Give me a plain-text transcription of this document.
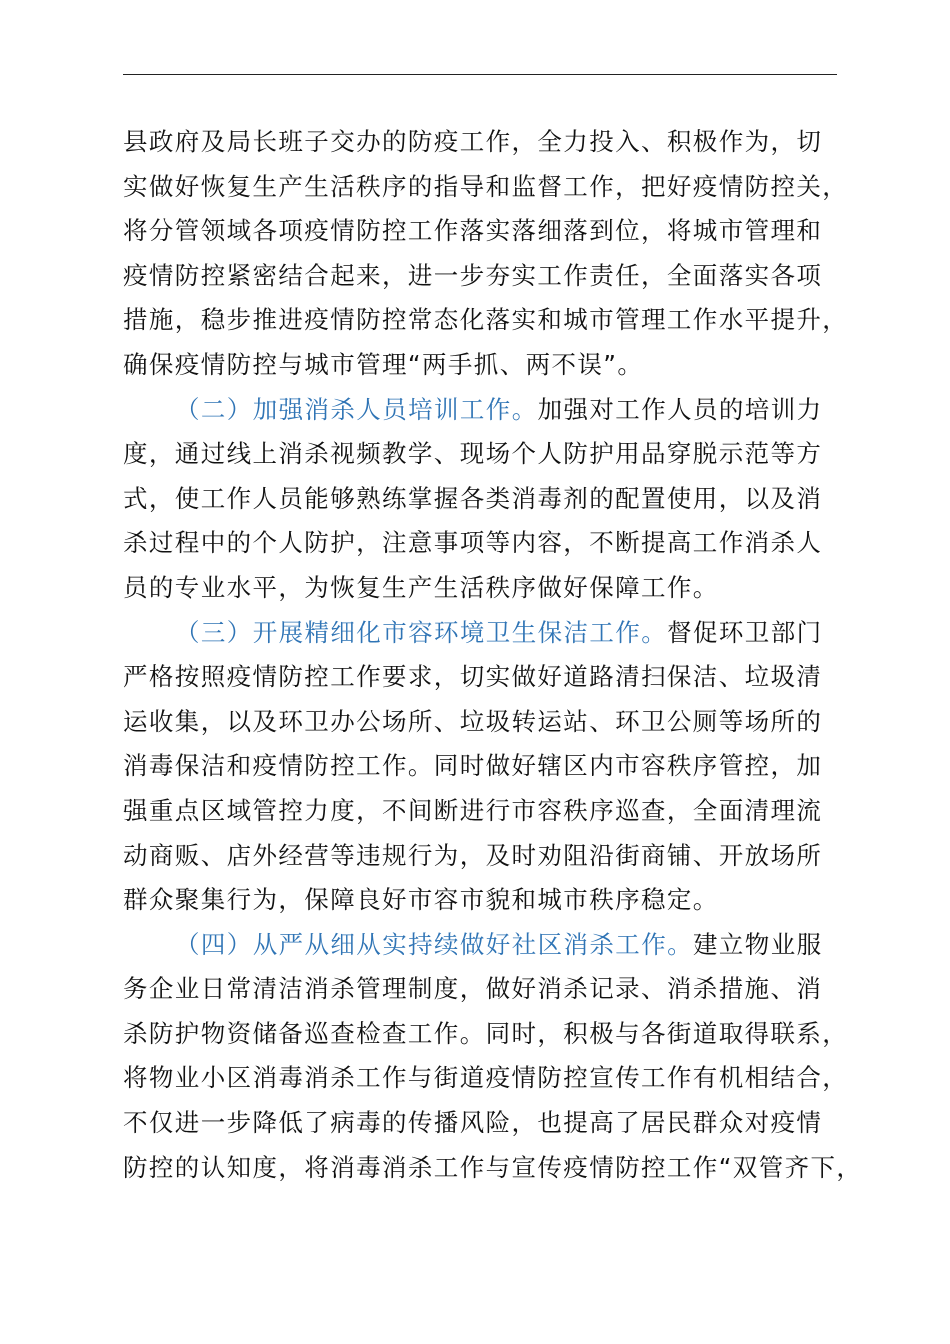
县政府及局长班子交办的防疫工作，全力投入、积极作为，切
实做好恢复生产生活秩序的指导和监督工作，把好疫情防控关，
将分管领域各项疫情防控工作落实落细落到位，将城市管理和
疫情防控紧密结合起来，进一步夯实工作责任，全面落实各项
措施，稳步推进疫情防控常态化落实和城市管理工作水平提升，
确保疫情防控与城市管理“两手抓、两不误”。
（二）加强消杀人员培训工作。加强对工作人员的培训力
度，通过线上消杀视频教学、现场个人防护用品穿脱示范等方
式，使工作人员能够熟练掌握各类消毒剂的配置使用，以及消
杀过程中的个人防护，注意事项等内容，不断提高工作消杀人
员的专业水平，为恢复生产生活秩序做好保障工作。
（三）开展精细化市容环境卫生保洁工作。督促环卫部门
严格按照疫情防控工作要求，切实做好道路清扫保洁、垃圾清
运收集，以及环卫办公场所、垃圾转运站、环卫公厕等场所的
消毒保洁和疫情防控工作。同时做好辖区内市容秩序管控，加
强重点区域管控力度，不间断进行市容秩序巡查，全面清理流
动商贩、店外经营等违规行为，及时劝阻沿街商铺、开放场所
群众聚集行为，保障良好市容市貌和城市秩序稳定。
（四）从严从细从实持续做好社区消杀工作。建立物业服
务企业日常清洁消杀管理制度，做好消杀记录、消杀措施、消
杀防护物资储备巡查检查工作。同时，积极与各街道取得联系，
将物业小区消毒消杀工作与街道疫情防控宣传工作有机相结合，
不仅进一步降低了病毒的传播风险，也提高了居民群众对疫情
防控的认知度，将消毒消杀工作与宣传疫情防控工作“双管齐下，
